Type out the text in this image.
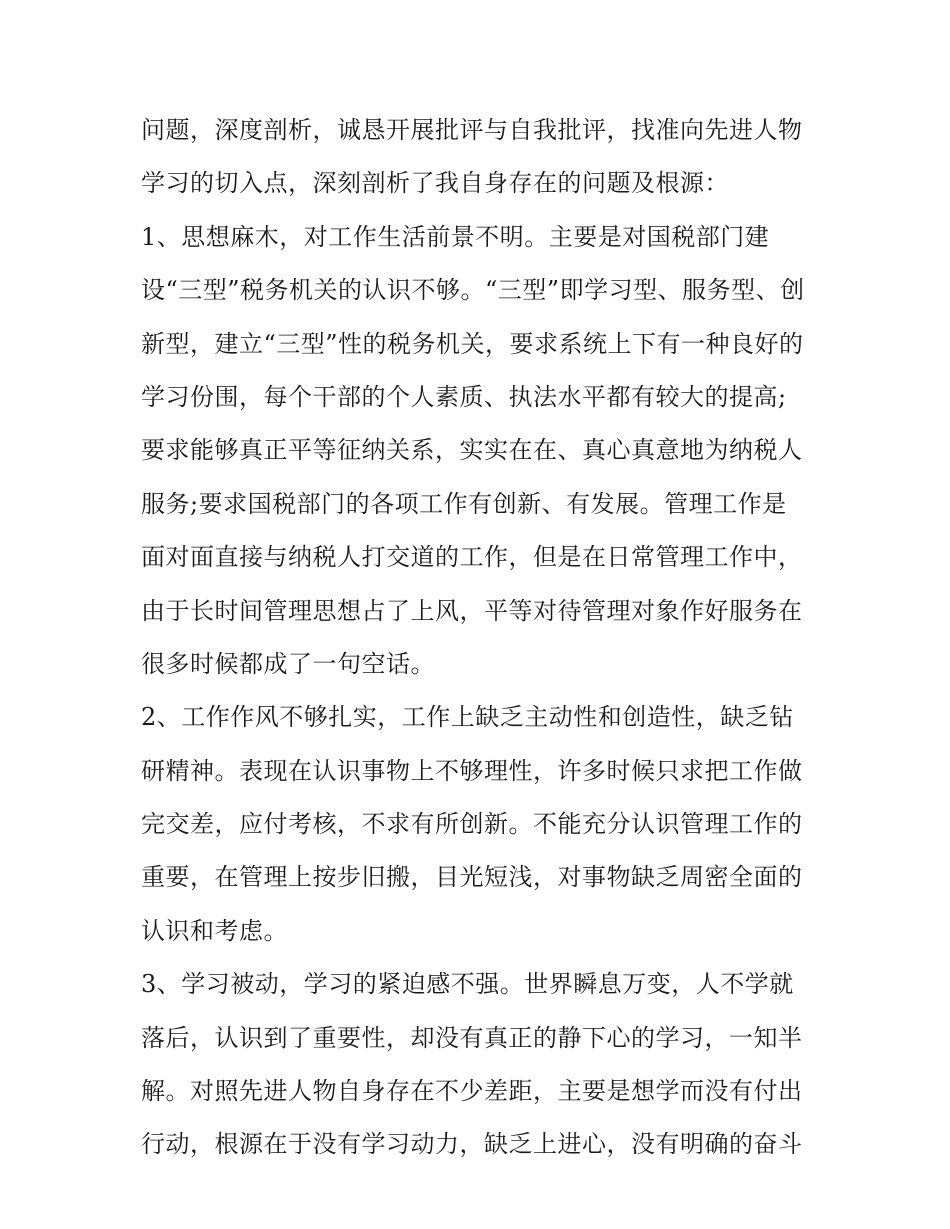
问题，深度剖析，诚恳开展批评与自我批评，找准向先进人物
学习的切入点，深刻剖析了我自身存在的问题及根源：
1、思想麻木，对工作生活前景不明。主要是对国税部门建
设“三型”税务机关的认识不够。“三型”即学习型、服务型、创
新型，建立“三型”性的税务机关，要求系统上下有一种良好的
学习份围，每个干部的个人素质、执法水平都有较大的提高;
要求能够真正平等征纳关系，实实在在、真心真意地为纳税人
服务;要求国税部门的各项工作有创新、有发展。管理工作是
面对面直接与纳税人打交道的工作，但是在日常管理工作中，
由于长时间管理思想占了上风，平等对待管理对象作好服务在
很多时候都成了一句空话。
2、工作作风不够扎实，工作上缺乏主动性和创造性，缺乏钻
研精神。表现在认识事物上不够理性，许多时候只求把工作做
完交差，应付考核，不求有所创新。不能充分认识管理工作的
重要，在管理上按步旧搬，目光短浅，对事物缺乏周密全面的
认识和考虑。
3、学习被动，学习的紧迫感不强。世界瞬息万变，人不学就
落后，认识到了重要性，却没有真正的静下心的学习，一知半
解。对照先进人物自身存在不少差距，主要是想学而没有付出
行动，根源在于没有学习动力，缺乏上进心，没有明确的奋斗
